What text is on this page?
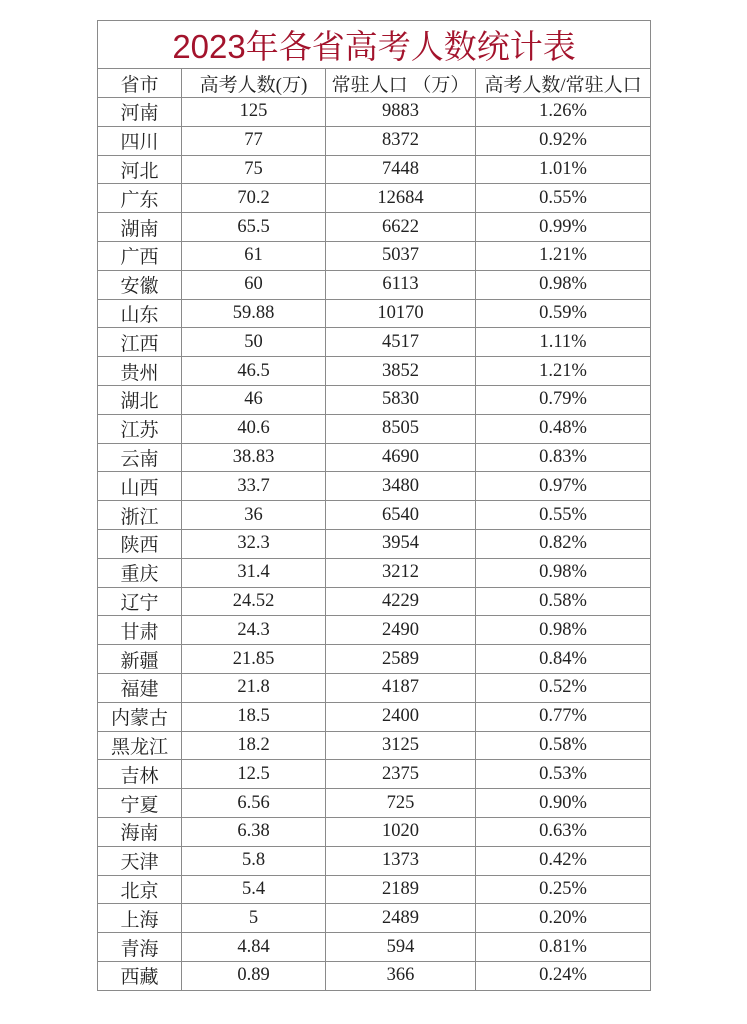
2023年各省高考人数统计表			
省市	高考人数(万)	常驻人口 （万）	高考人数/常驻人口
河南	125	9883	1.26%
四川	77	8372	0.92%
河北	75	7448	1.01%
广东	70.2	12684	0.55%
湖南	65.5	6622	0.99%
广西	61	5037	1.21%
安徽	60	6113	0.98%
山东	59.88	10170	0.59%
江西	50	4517	1.11%
贵州	46.5	3852	1.21%
湖北	46	5830	0.79%
江苏	40.6	8505	0.48%
云南	38.83	4690	0.83%
山西	33.7	3480	0.97%
浙江	36	6540	0.55%
陕西	32.3	3954	0.82%
重庆	31.4	3212	0.98%
辽宁	24.52	4229	0.58%
甘肃	24.3	2490	0.98%
新疆	21.85	2589	0.84%
福建	21.8	4187	0.52%
内蒙古	18.5	2400	0.77%
黑龙江	18.2	3125	0.58%
吉林	12.5	2375	0.53%
宁夏	6.56	725	0.90%
海南	6.38	1020	0.63%
天津	5.8	1373	0.42%
北京	5.4	2189	0.25%
上海	5	2489	0.20%
青海	4.84	594	0.81%
西藏	0.89	366	0.24%
